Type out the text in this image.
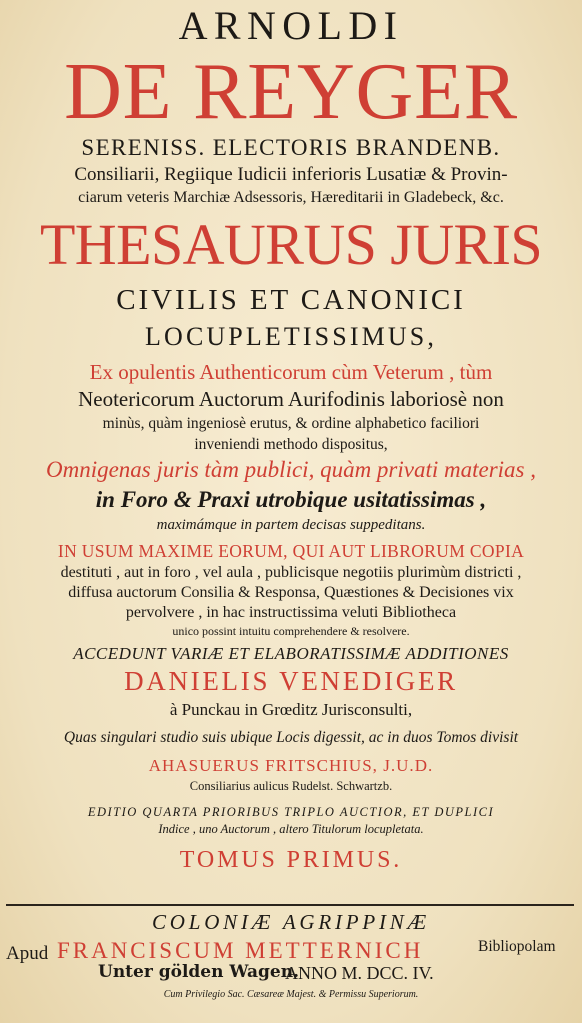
ARNOLDI
DE REYGER
SERENISS. ELECTORIS BRANDENB.
Consiliarii, Regiique Iudicii inferioris Lusatiæ & Provin-
ciarum veteris Marchiæ Adsessoris, Hæreditarii in Gladebeck, &c.
THESAURUS JURIS
CIVILIS ET CANONICI
LOCUPLETISSIMUS,
Ex opulentis Authenticorum cùm Veterum , tùm
Neotericorum Auctorum Aurifodinis laboriosè non
minùs, quàm ingeniosè erutus, & ordine alphabetico faciliori
inveniendi methodo dispositus,
Omnigenas juris tàm publici, quàm privati materias ,
in Foro & Praxi utrobique usitatissimas ,
maximámque in partem decisas suppeditans.
IN USUM MAXIME EORUM, QUI AUT LIBRORUM COPIA
destituti , aut in foro , vel aula , publicisque negotiis plurimùm districti ,
diffusa auctorum Consilia & Responsa, Quæstiones & Decisiones vix
pervolvere , in hac instructissima veluti Bibliotheca
unico possint intuitu comprehendere & resolvere.
ACCEDUNT VARIÆ ET ELABORATISSIMÆ ADDITIONES
DANIELIS VENEDIGER
à Punckau in Grœditz Jurisconsulti,
Quas singulari studio suis ubique Locis digessit, ac in duos Tomos divisit
AHASUERUS FRITSCHIUS, J.U.D.
Consiliarius aulicus Rudelst. Schwartzb.
EDITIO QUARTA PRIORIBUS TRIPLO AUCTIOR, ET DUPLICI
Indice , uno Auctorum , altero Titulorum locupletata.
TOMUS PRIMUS.
COLONIÆ AGRIPPINÆ
Apud FRANCISCUM METTERNICH	Bibliopolam
Unter gölden Wagen.
ANNO M. DCC. IV.
Cum Privilegio Sac. Cæsareæ Majest. & Permissu Superiorum.
